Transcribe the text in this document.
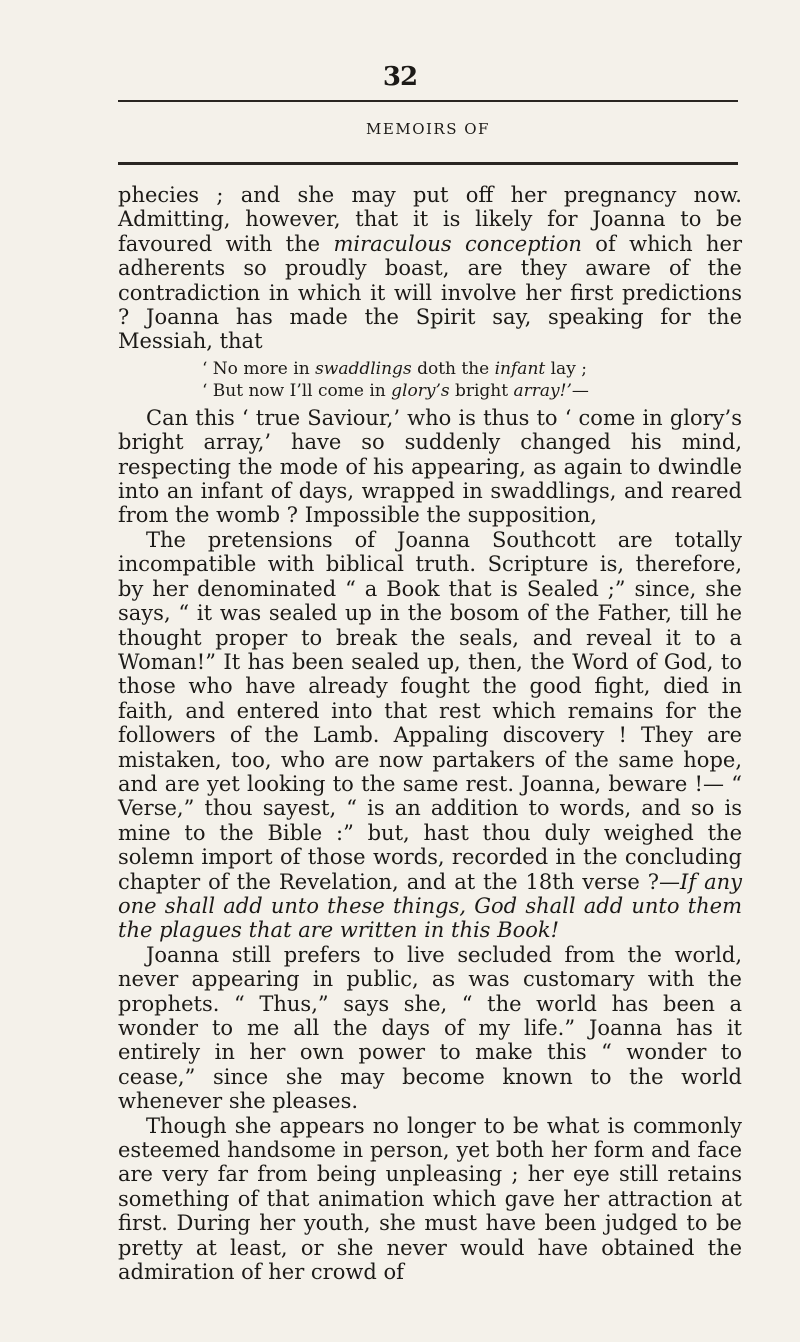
32
MEMOIRS OF

phecies ; and she may put off her pregnancy now. Admitting, however, that it is likely for Joanna to be favoured with the miraculous conception of which her adherents so proudly boast, are they aware of the contradiction in which it will involve her first predictions ? Joanna has made the Spirit say, speaking for the Messiah, that

‘ No more in swaddlings doth the infant lay ;
‘ But now I’ll come in glory’s bright array!’—

Can this ‘ true Saviour,’ who is thus to ‘ come in glory’s bright array,’ have so suddenly changed his mind, respecting the mode of his appearing, as again to dwindle into an infant of days, wrapped in swaddlings, and reared from the womb ? Impossible the supposition,

The pretensions of Joanna Southcott are totally incompatible with biblical truth. Scripture is, therefore, by her denominated “ a Book that is Sealed ;” since, she says, “ it was sealed up in the bosom of the Father, till he thought proper to break the seals, and reveal it to a Woman!” It has been sealed up, then, the Word of God, to those who have already fought the good fight, died in faith, and entered into that rest which remains for the followers of the Lamb. Appaling discovery ! They are mistaken, too, who are now partakers of the same hope, and are yet looking to the same rest. Joanna, beware !— “ Verse,” thou sayest, “ is an addition to words, and so is mine to the Bible :” but, hast thou duly weighed the solemn import of those words, recorded in the concluding chapter of the Revelation, and at the 18th verse ?—If any one shall add unto these things, God shall add unto them the plagues that are written in this Book!

Joanna still prefers to live secluded from the world, never appearing in public, as was customary with the prophets. “ Thus,” says she, “ the world has been a wonder to me all the days of my life.” Joanna has it entirely in her own power to make this “ wonder to cease,” since she may become known to the world whenever she pleases.

Though she appears no longer to be what is commonly esteemed handsome in person, yet both her form and face are very far from being unpleasing ; her eye still retains something of that animation which gave her attraction at first. During her youth, she must have been judged to be pretty at least, or she never would have obtained the admiration of her crowd of
